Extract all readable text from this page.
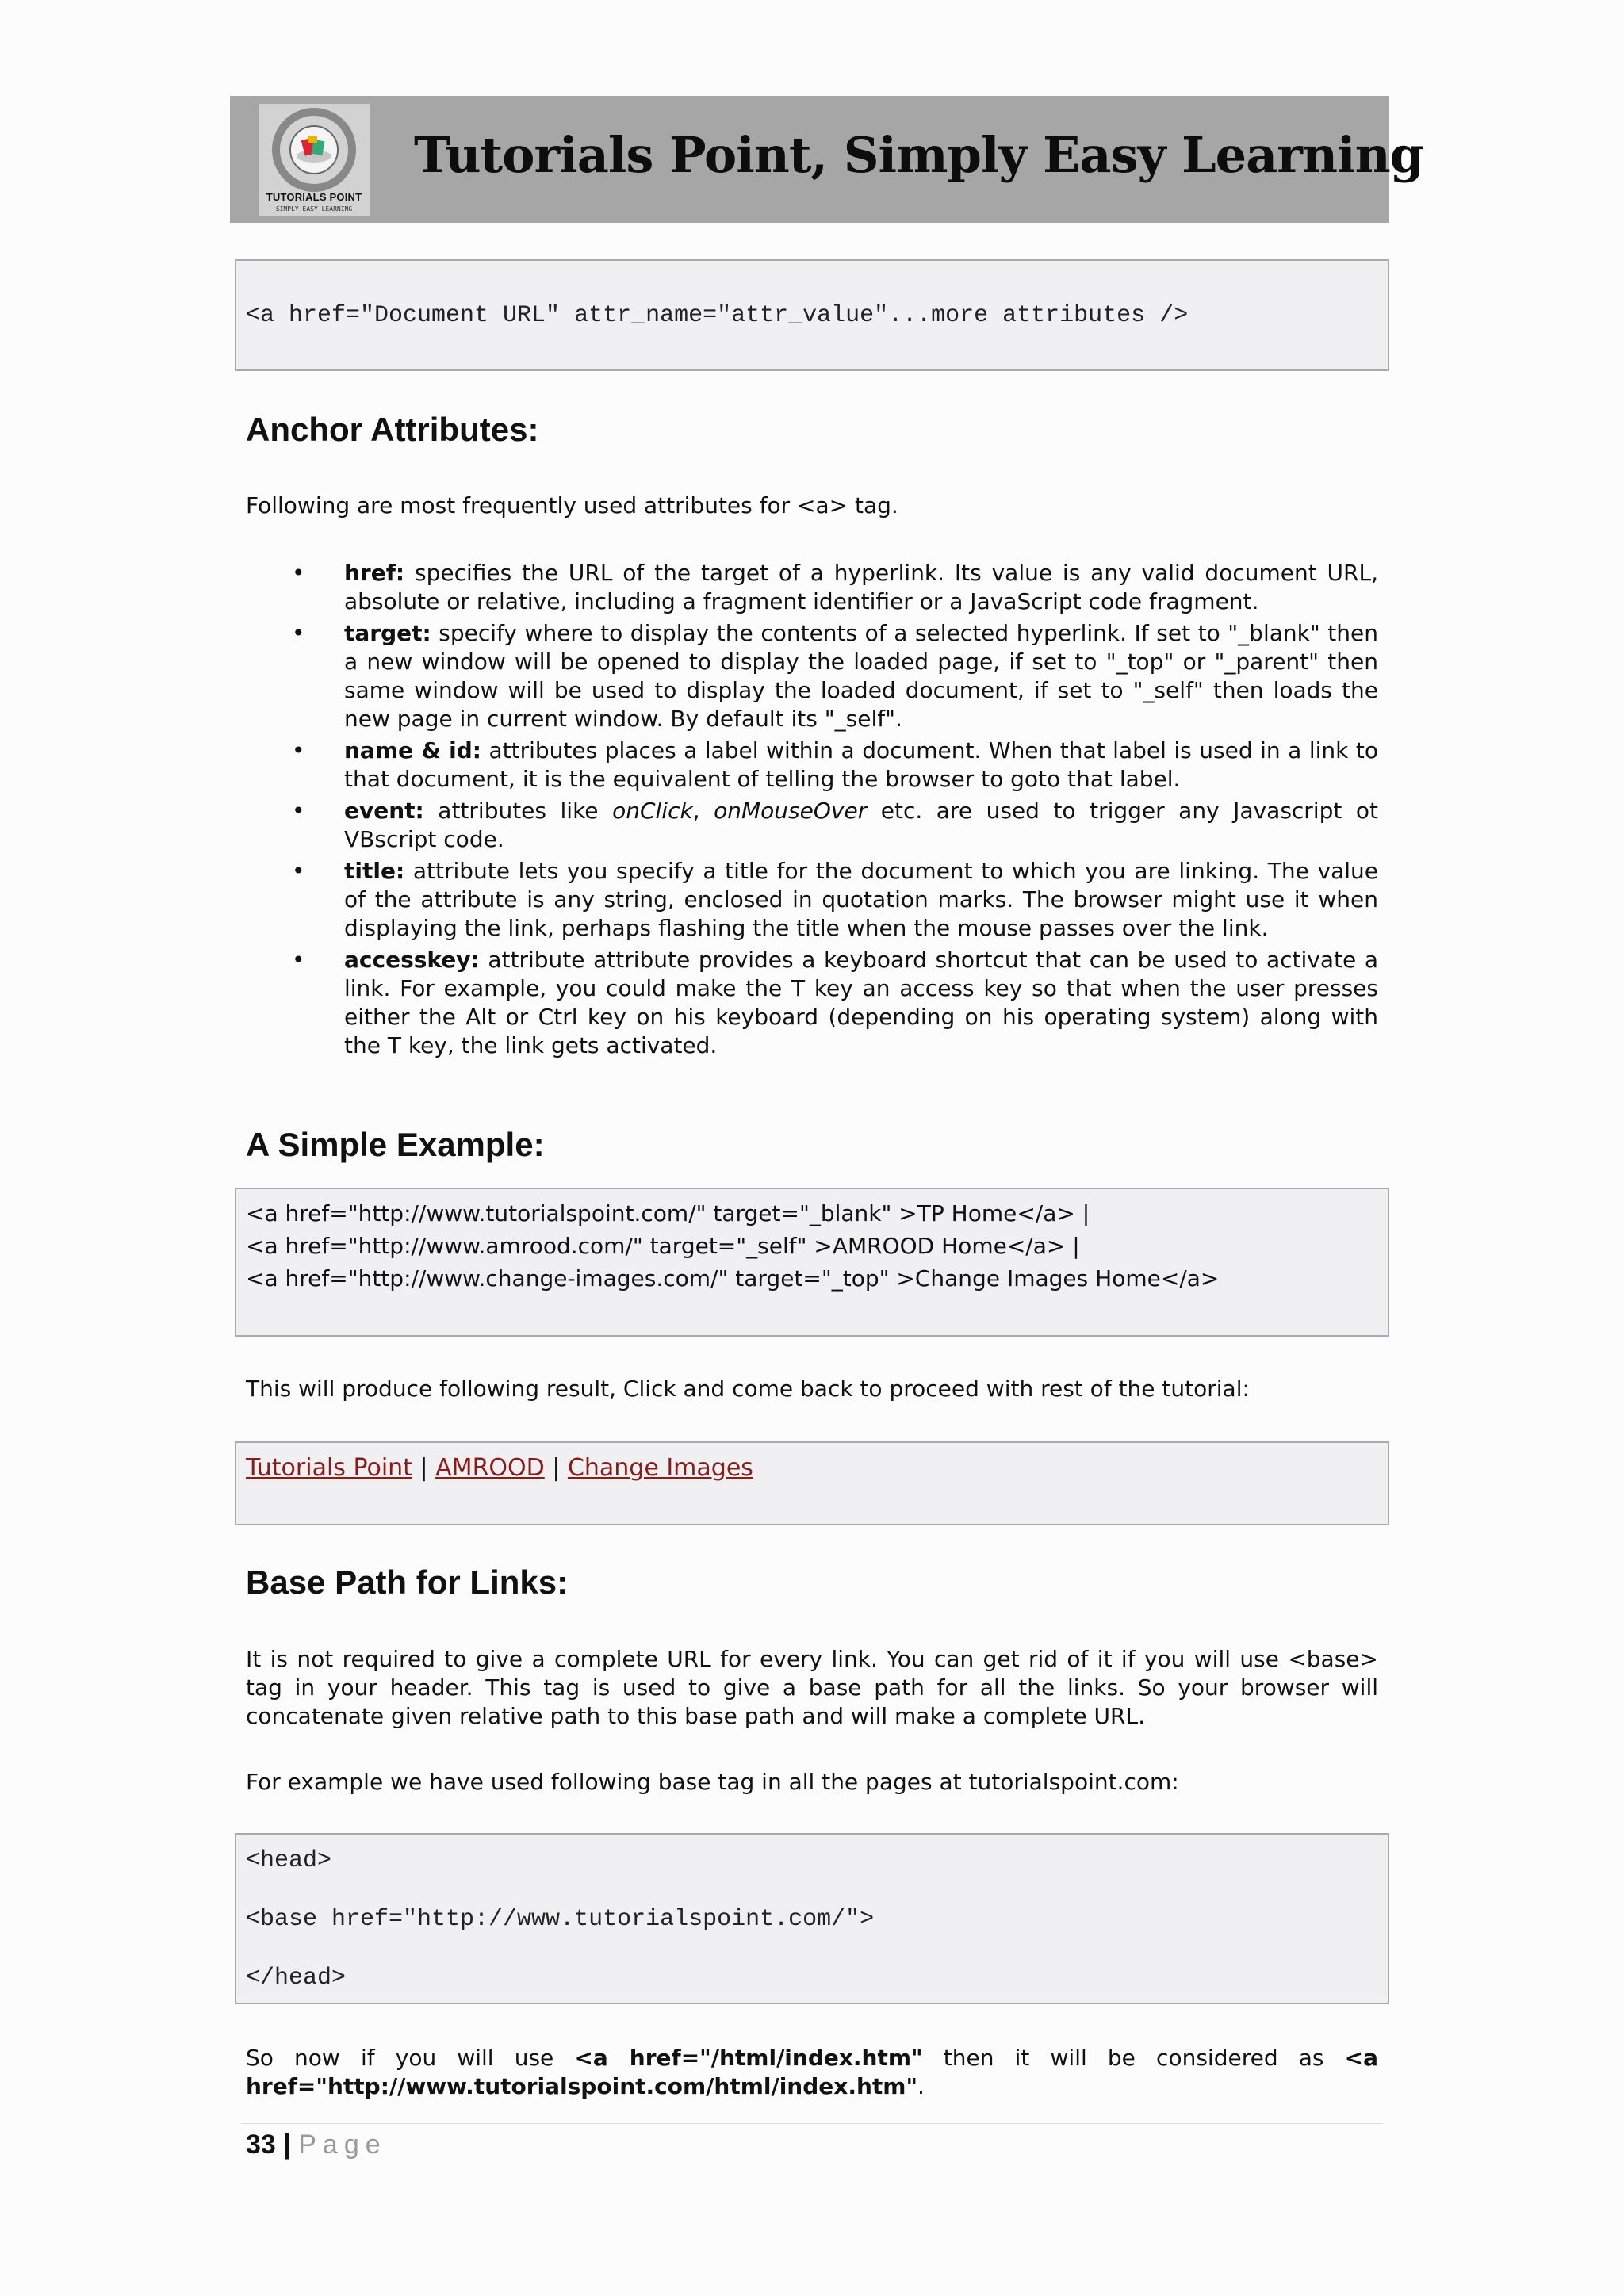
TUTORIALS POINT
SIMPLY EASY LEARNING
Tutorials Point, Simply Easy Learning
<a href="Document URL" attr_name="attr_value"...more attributes />
Anchor Attributes:
Following are most frequently used attributes for <a> tag.
• href: specifies the URL of the target of a hyperlink. Its value is any valid document URL, absolute or relative, including a fragment identifier or a JavaScript code fragment.
• target: specify where to display the contents of a selected hyperlink. If set to "_blank" then a new window will be opened to display the loaded page, if set to "_top" or "_parent" then same window will be used to display the loaded document, if set to "_self" then loads the new page in current window. By default its "_self".
• name & id: attributes places a label within a document. When that label is used in a link to that document, it is the equivalent of telling the browser to goto that label.
• event: attributes like onClick, onMouseOver etc. are used to trigger any Javascript ot VBscript code.
• title: attribute lets you specify a title for the document to which you are linking. The value of the attribute is any string, enclosed in quotation marks. The browser might use it when displaying the link, perhaps flashing the title when the mouse passes over the link.
• accesskey: attribute attribute provides a keyboard shortcut that can be used to activate a link. For example, you could make the T key an access key so that when the user presses either the Alt or Ctrl key on his keyboard (depending on his operating system) along with the T key, the link gets activated.
A Simple Example:
<a href="http://www.tutorialspoint.com/" target="_blank" >TP Home</a> |
<a href="http://www.amrood.com/" target="_self" >AMROOD Home</a> |
<a href="http://www.change-images.com/" target="_top" >Change Images Home</a>
This will produce following result, Click and come back to proceed with rest of the tutorial:
Tutorials Point | AMROOD | Change Images
Base Path for Links:
It is not required to give a complete URL for every link. You can get rid of it if you will use <base> tag in your header. This tag is used to give a base path for all the links. So your browser will concatenate given relative path to this base path and will make a complete URL.
For example we have used following base tag in all the pages at tutorialspoint.com:
<head>
<base href="http://www.tutorialspoint.com/">
</head>
So now if you will use <a href="/html/index.htm" then it will be considered as <a href="http://www.tutorialspoint.com/html/index.htm".
33 | Page
